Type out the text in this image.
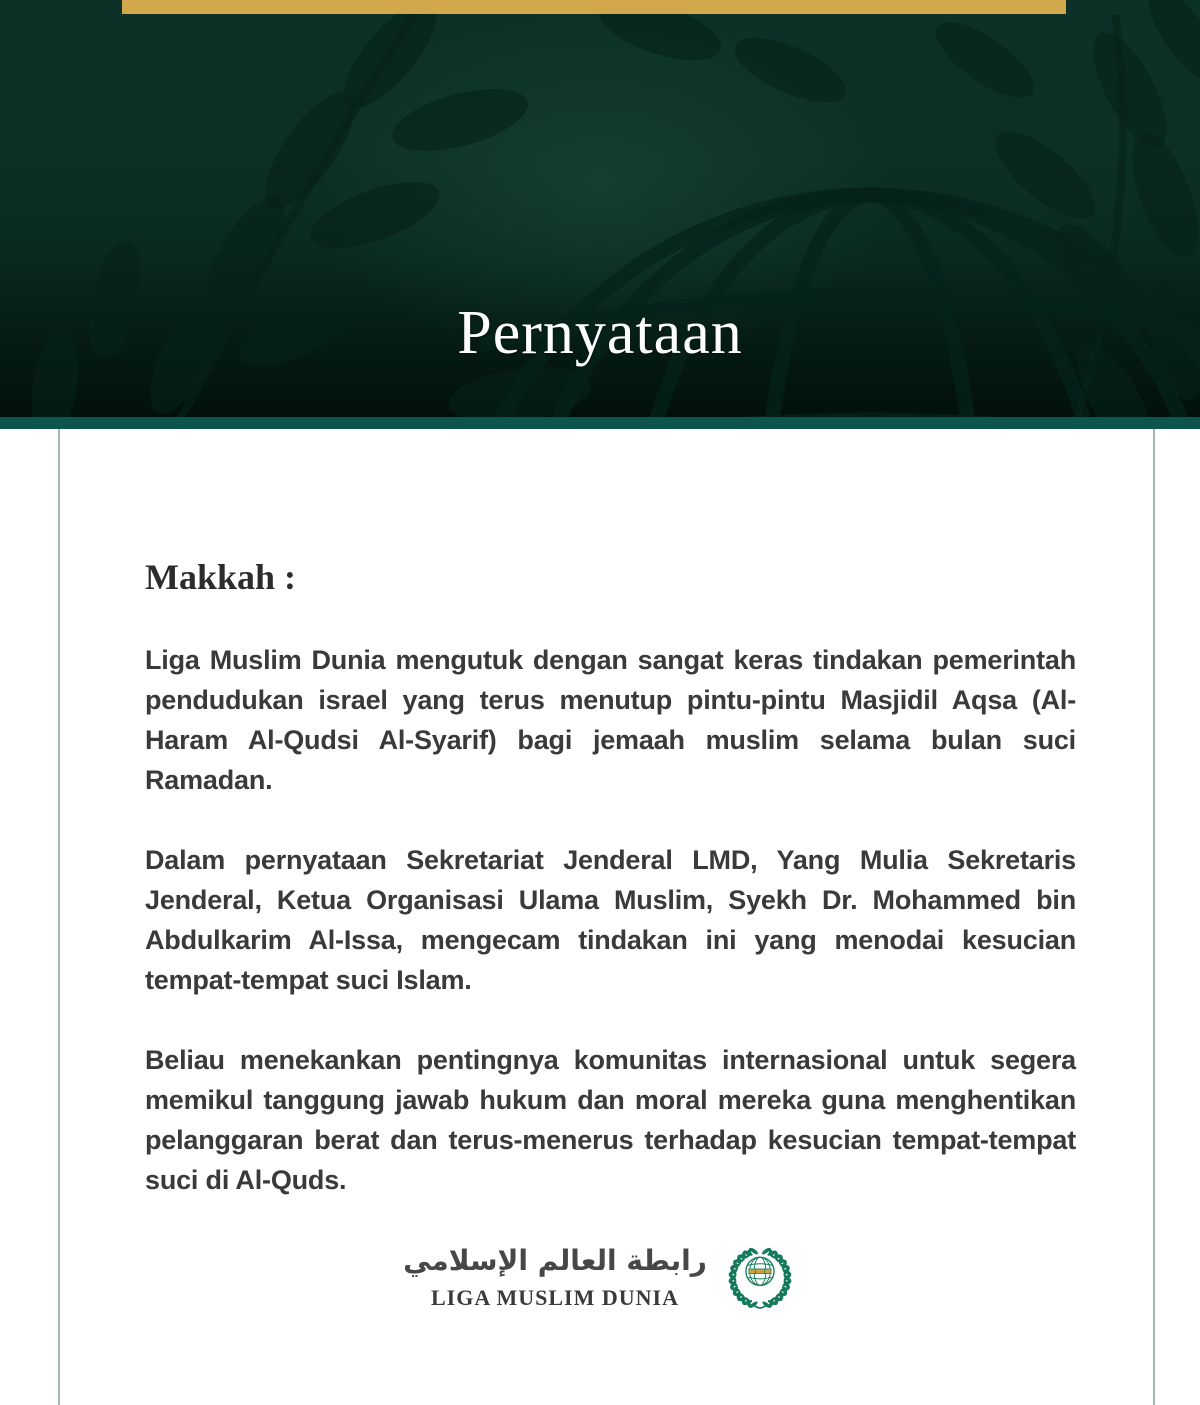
Pernyataan
Makkah :

Liga Muslim Dunia mengutuk dengan sangat keras tindakan pemerintah pendudukan israel yang terus menutup pintu-pintu Masjidil Aqsa (Al-Haram Al-Qudsi Al-Syarif) bagi jemaah muslim selama bulan suci Ramadan.

Dalam pernyataan Sekretariat Jenderal LMD, Yang Mulia Sekretaris Jenderal, Ketua Organisasi Ulama Muslim, Syekh Dr. Mohammed bin Abdulkarim Al-Issa, mengecam tindakan ini yang menodai kesucian tempat-tempat suci Islam.

Beliau menekankan pentingnya komunitas internasional untuk segera memikul tanggung jawab hukum dan moral mereka guna menghentikan pelanggaran berat dan terus-menerus terhadap kesucian tempat-tempat suci di Al-Quds.

رابطة العالم الإسلامي
LIGA MUSLIM DUNIA
